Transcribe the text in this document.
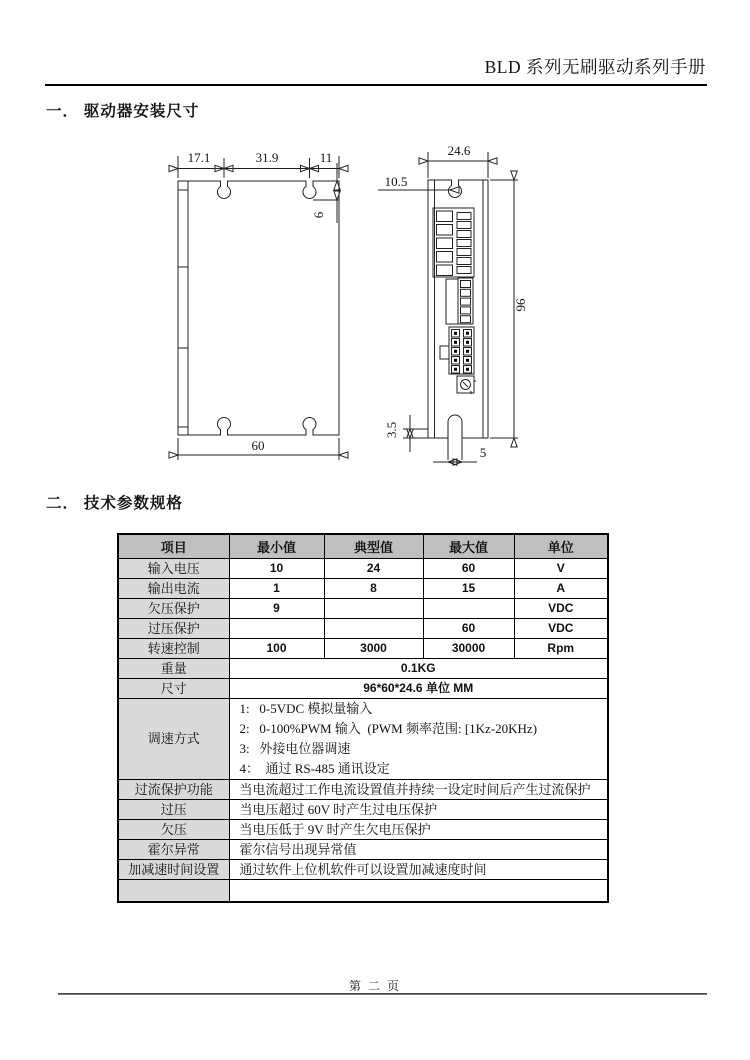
BLD 系列无刷驱动系列手册
一． 驱动器安装尺寸
17.1	31.9	11
6
60
24.6
10.5
96
3.5
5
二． 技术参数规格
项目	最小值	典型值	最大值	单位
输入电压	10	24	60	V
输出电流	1	8	15	A
欠压保护	9			VDC
过压保护			60	VDC
转速控制	100	3000	30000	Rpm
重量	0.1KG			
尺寸	96*60*24.6 单位 MM			
调速方式	1:   0-5VDC 模拟量输入
2:   0-100%PWM 输入  (PWM 频率范围: [1Kz-20KHz)
3:   外接电位器调速
4：  通过 RS-485 通讯设定			

过流保护功能	当电流超过工作电流设置值并持续一设定时间后产生过流保护			
过压	当电压超过 60V 时产生过电压保护			
欠压	当电压低于 9V 时产生欠电压保护			
霍尔异常	霍尔信号出现异常值			
加减速时间设置	通过软件上位机软件可以设置加减速度时间			

第 二 页
